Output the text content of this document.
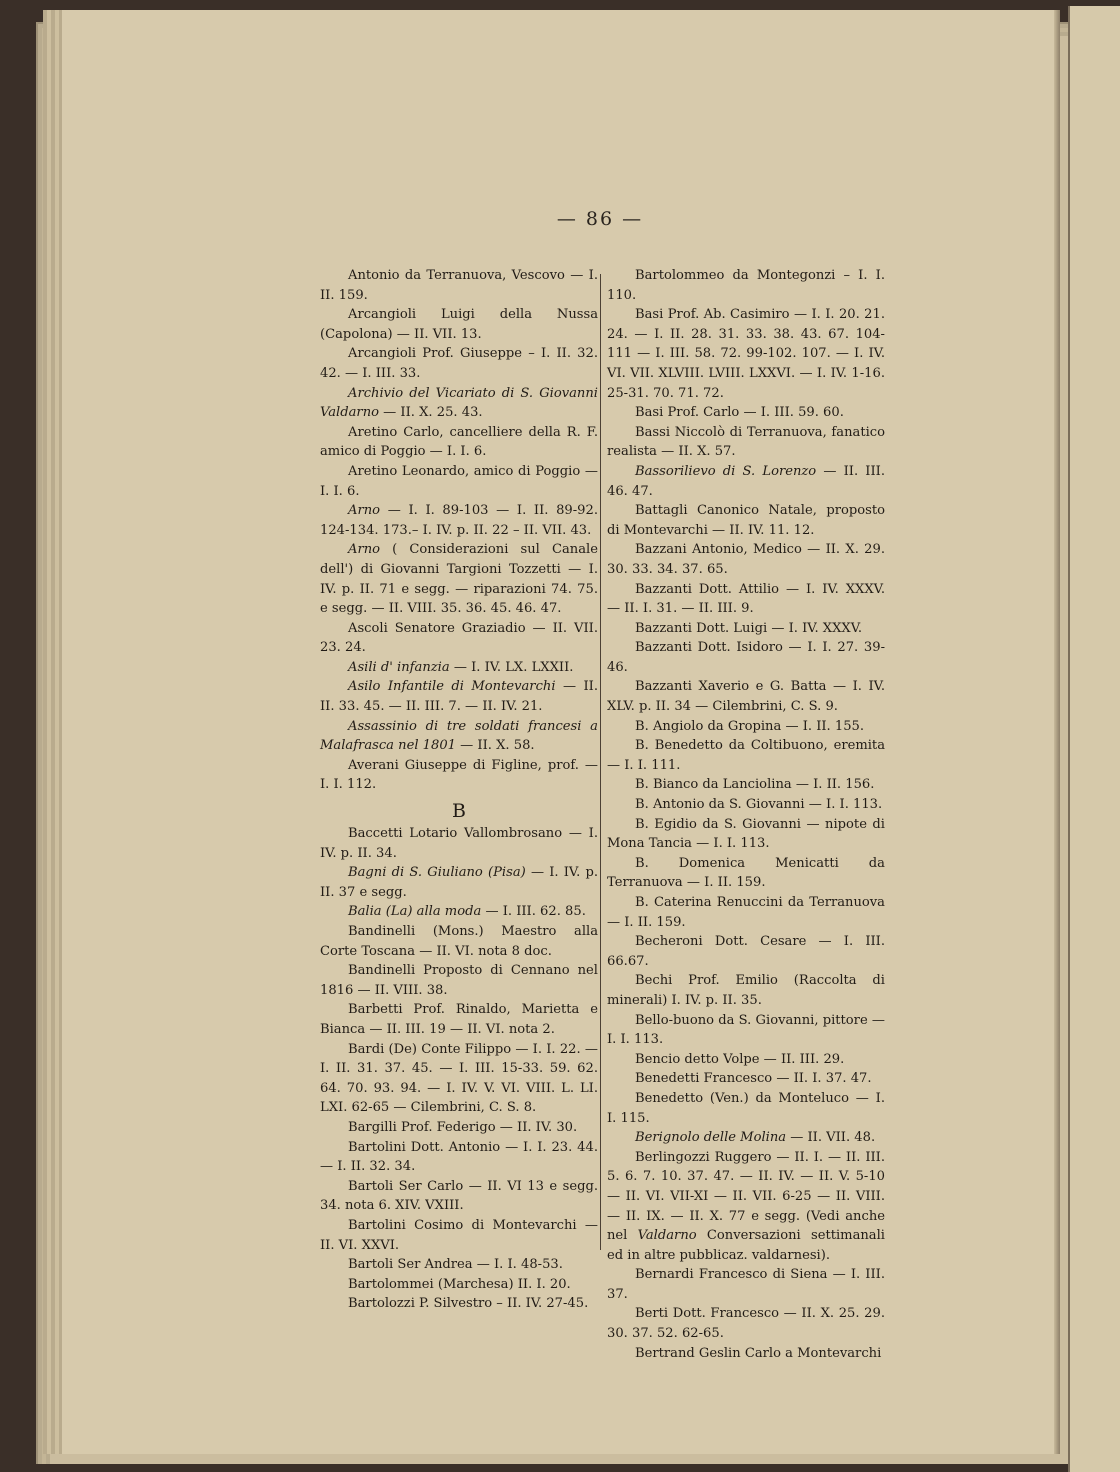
— 86 —

Antonio da Terranuova, Vescovo — I. II. 159.

Arcangioli Luigi della Nussa (Capolona) — II. VII. 13.

Arcangioli Prof. Giuseppe – I. II. 32. 42. — I. III. 33.

Archivio del Vicariato di S. Giovanni Valdarno — II. X. 25. 43.

Aretino Carlo, cancelliere della R. F. amico di Poggio — I. I. 6.

Aretino Leonardo, amico di Poggio — I. I. 6.

Arno — I. I. 89-103 — I. II. 89-92. 124-134. 173.– I. IV. p. II. 22 – II. VII. 43.

Arno ( Considerazioni sul Canale dell') di Giovanni Targioni Tozzetti — I. IV. p. II. 71 e segg. — riparazioni 74. 75. e segg. — II. VIII. 35. 36. 45. 46. 47.

Ascoli Senatore Graziadio — II. VII. 23. 24.

Asili d' infanzia — I. IV. LX. LXXII.

Asilo Infantile di Montevarchi — II. II. 33. 45. — II. III. 7. — II. IV. 21.

Assassinio di tre soldati francesi a Malafrasca nel 1801 — II. X. 58.

Averani Giuseppe di Figline, prof. — I. I. 112.

B

Baccetti Lotario Vallombrosano — I. IV. p. II. 34.

Bagni di S. Giuliano (Pisa) — I. IV. p. II. 37 e segg.

Balia (La) alla moda — I. III. 62. 85.

Bandinelli (Mons.) Maestro alla Corte Toscana — II. VI. nota 8 doc.

Bandinelli Proposto di Cennano nel 1816 — II. VIII. 38.

Barbetti Prof. Rinaldo, Marietta e Bianca — II. III. 19 — II. VI. nota 2.

Bardi (De) Conte Filippo — I. I. 22. — I. II. 31. 37. 45. — I. III. 15-33. 59. 62. 64. 70. 93. 94. — I. IV. V. VI. VIII. L. LI. LXI. 62-65 — Cilembrini, C. S. 8.

Bargilli Prof. Federigo — II. IV. 30.

Bartolini Dott. Antonio — I. I. 23. 44. — I. II. 32. 34.

Bartoli Ser Carlo — II. VI 13 e segg. 34. nota 6. XIV. VXIII.

Bartolini Cosimo di Montevarchi — II. VI. XXVI.

Bartoli Ser Andrea — I. I. 48-53.

Bartolommei (Marchesa) II. I. 20.

Bartolozzi P. Silvestro – II. IV. 27-45.

Bartolommeo da Montegonzi – I. I. 110.

Basi Prof. Ab. Casimiro — I. I. 20. 21. 24. — I. II. 28. 31. 33. 38. 43. 67. 104-111 — I. III. 58. 72. 99-102. 107. — I. IV. VI. VII. XLVIII. LVIII. LXXVI. — I. IV. 1-16. 25-31. 70. 71. 72.

Basi Prof. Carlo — I. III. 59. 60.

Bassi Niccolò di Terranuova, fanatico realista — II. X. 57.

Bassorilievo di S. Lorenzo — II. III. 46. 47.

Battagli Canonico Natale, proposto di Montevarchi — II. IV. 11. 12.

Bazzani Antonio, Medico — II. X. 29. 30. 33. 34. 37. 65.

Bazzanti Dott. Attilio — I. IV. XXXV. — II. I. 31. — II. III. 9.

Bazzanti Dott. Luigi — I. IV. XXXV.

Bazzanti Dott. Isidoro — I. I. 27. 39-46.

Bazzanti Xaverio e G. Batta — I. IV. XLV. p. II. 34 — Cilembrini, C. S. 9.

B. Angiolo da Gropina — I. II. 155.

B. Benedetto da Coltibuono, eremita — I. I. 111.

B. Bianco da Lanciolina — I. II. 156.

B. Antonio da S. Giovanni — I. I. 113.

B. Egidio da S. Giovanni — nipote di Mona Tancia — I. I. 113.

B. Domenica Menicatti da Terranuova — I. II. 159.

B. Caterina Renuccini da Terranuova — I. II. 159.

Becheroni Dott. Cesare — I. III. 66.67.

Bechi Prof. Emilio (Raccolta di minerali) I. IV. p. II. 35.

Bello-buono da S. Giovanni, pittore — I. I. 113.

Bencio detto Volpe — II. III. 29.

Benedetti Francesco — II. I. 37. 47.

Benedetto (Ven.) da Monteluco — I. I. 115.

Berignolo delle Molina — II. VII. 48.

Berlingozzi Ruggero — II. I. — II. III. 5. 6. 7. 10. 37. 47. — II. IV. — II. V. 5-10 — II. VI. VII-XI — II. VII. 6-25 — II. VIII. — II. IX. — II. X. 77 e segg. (Vedi anche nel Valdarno Conversazioni settimanali ed in altre pubblicaz. valdarnesi).

Bernardi Francesco di Siena — I. III. 37.

Berti Dott. Francesco — II. X. 25. 29. 30. 37. 52. 62-65.

Bertrand Geslin Carlo a Montevarchi
